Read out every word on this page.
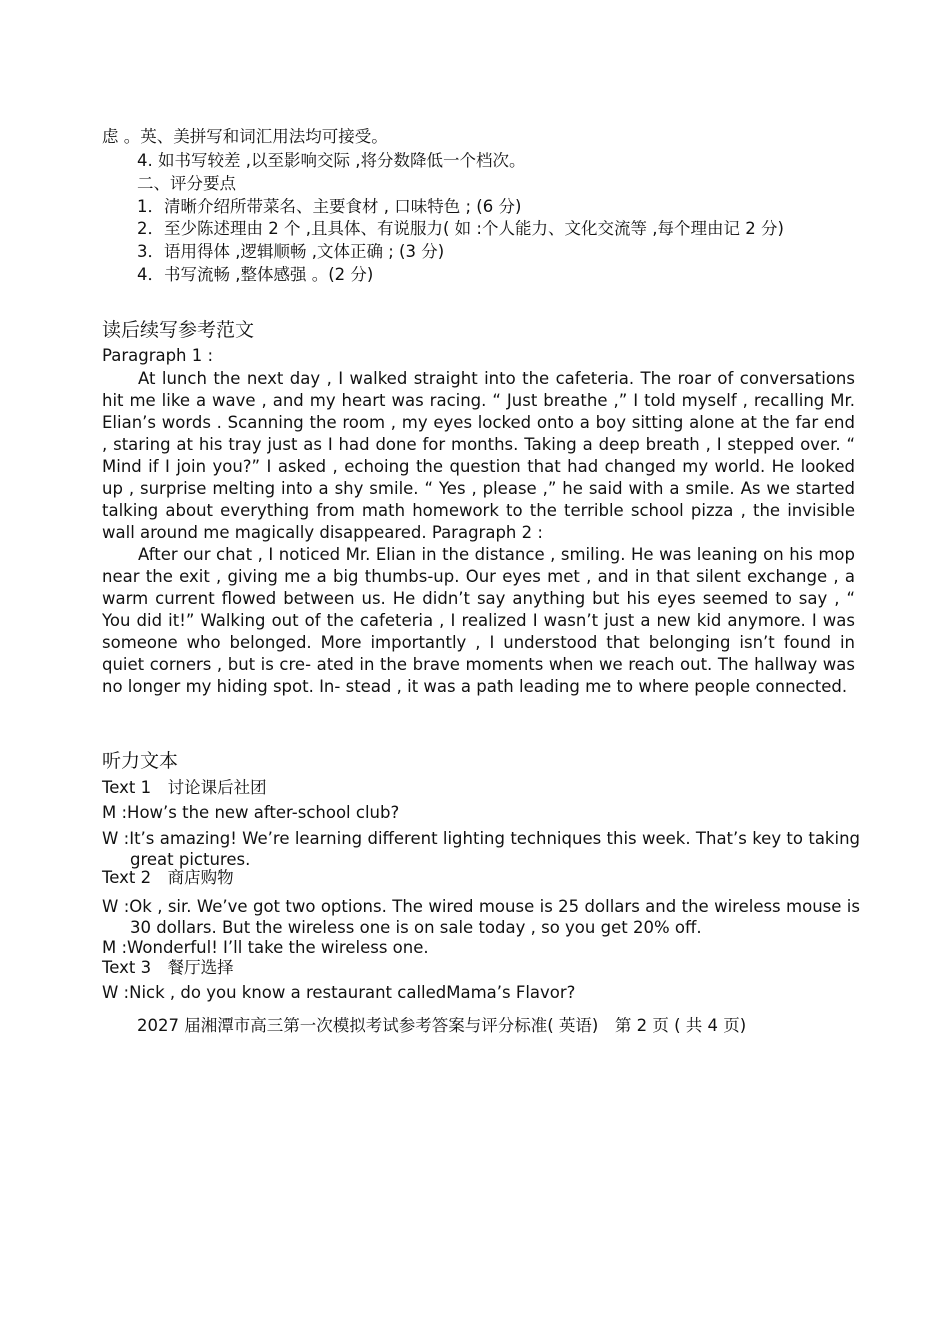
虑 。英、美拼写和词汇用法均可接受。
4. 如书写较差 ,以至影响交际 ,将分数降低一个档次。
二、评分要点
1．清晰介绍所带菜名、主要食材 , 口味特色 ; (6 分)
2．至少陈述理由 2 个 ,且具体、有说服力( 如 :个人能力、文化交流等 ,每个理由记 2 分)
3．语用得体 ,逻辑顺畅 ,文体正确 ; (3 分)
4．书写流畅 ,整体感强 。(2 分)
读后续写参考范文
Paragraph 1 :
At lunch the next day , I walked straight into the cafeteria. The roar of conversations hit me like a wave , and my heart was racing. “ Just breathe ,” I told myself , recalling Mr. Elian’s words . Scanning the room , my eyes locked onto a boy sitting alone at the far end , staring at his tray just as I had done for months. Taking a deep breath , I stepped over. “ Mind if I join you?” I asked , echoing the question that had changed my world. He looked up , surprise melting into a shy smile. “ Yes , please ,” he said with a smile. As we started talking about everything from math homework to the terrible school pizza , the invisible wall around me magically disappeared. Paragraph 2 :
After our chat , I noticed Mr. Elian in the distance , smiling. He was leaning on his mop near the exit , giving me a big thumbs-up. Our eyes met , and in that silent exchange , a warm current flowed between us. He didn’t say anything but his eyes seemed to say , “ You did it!” Walking out of the cafeteria , I realized I wasn’t just a new kid anymore. I was someone who belonged. More importantly , I understood that belonging isn’t found in quiet corners , but is cre- ated in the brave moments when we reach out. The hallway was no longer my hiding spot. In- stead , it was a path leading me to where people connected.
听力文本
Text 1　讨论课后社团
M :How’s the new after-school club?
W :It’s amazing! We’re learning different lighting techniques this week. That’s key to taking great pictures.
Text 2　商店购物
W :Ok , sir. We’ve got two options. The wired mouse is 25 dollars and the wireless mouse is 30 dollars. But the wireless one is on sale today , so you get 20% off.
M :Wonderful! I’ll take the wireless one.
Text 3　餐厅选择
W :Nick , do you know a restaurant calledMama’s Flavor?
2027 届湘潭市高三第一次模拟考试参考答案与评分标准( 英语)　第 2 页 ( 共 4 页)
